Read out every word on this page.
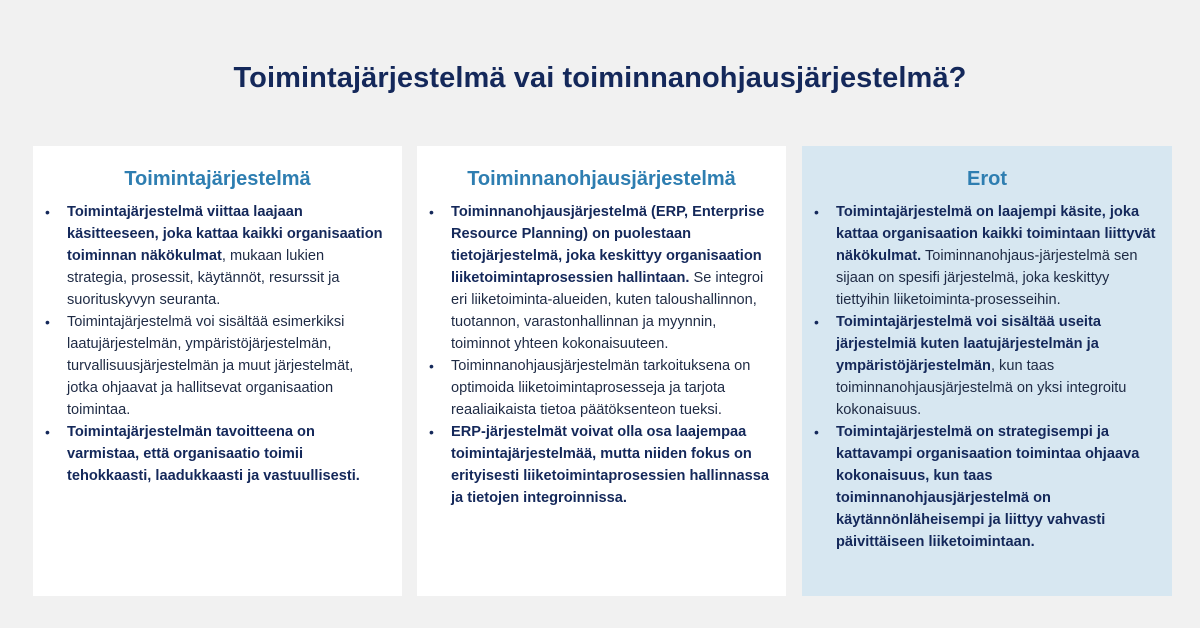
Toimintajärjestelmä vai toiminnanohjausjärjestelmä?
Toimintajärjestelmä
• Toimintajärjestelmä viittaa laajaan käsitteeseen, joka kattaa kaikki organisaation toiminnan näkökulmat, mukaan lukien strategia, prosessit, käytännöt, resurssit ja suorituskyvyn seuranta.
• Toimintajärjestelmä voi sisältää esimerkiksi laatujärjestelmän, ympäristöjärjestelmän, turvallisuusjärjestelmän ja muut järjestelmät, jotka ohjaavat ja hallitsevat organisaation toimintaa.
• Toimintajärjestelmän tavoitteena on varmistaa, että organisaatio toimii tehokkaasti, laadukkaasti ja vastuullisesti.
Toiminnanohjausjärjestelmä
• Toiminnanohjausjärjestelmä (ERP, Enterprise Resource Planning) on puolestaan tietojärjestelmä, joka keskittyy organisaation liiketoimintaprosessien hallintaan. Se integroi eri liiketoiminta-alueiden, kuten taloushallinnon, tuotannon, varastonhallinnan ja myynnin, toiminnot yhteen kokonaisuuteen.
• Toiminnanohjausjärjestelmän tarkoituksena on optimoida liiketoimintaprosesseja ja tarjota reaaliaikaista tietoa päätöksenteon tueksi.
• ERP-järjestelmät voivat olla osa laajempaa toimintajärjestelmää, mutta niiden fokus on erityisesti liiketoimintaprosessien hallinnassa ja tietojen integroinnissa.
Erot
• Toimintajärjestelmä on laajempi käsite, joka kattaa organisaation kaikki toimintaan liittyvät näkökulmat. Toiminnanohjaus-järjestelmä sen sijaan on spesifi järjestelmä, joka keskittyy tiettyihin liiketoiminta-prosesseihin.
• Toimintajärjestelmä voi sisältää useita järjestelmiä kuten laatujärjestelmän ja ympäristöjärjestelmän, kun taas toiminnanohjausjärjestelmä on yksi integroitu kokonaisuus.
• Toimintajärjestelmä on strategisempi ja kattavampi organisaation toimintaa ohjaava kokonaisuus, kun taas toiminnanohjausjärjestelmä on käytännönläheisempi ja liittyy vahvasti päivittäiseen liiketoimintaan.
